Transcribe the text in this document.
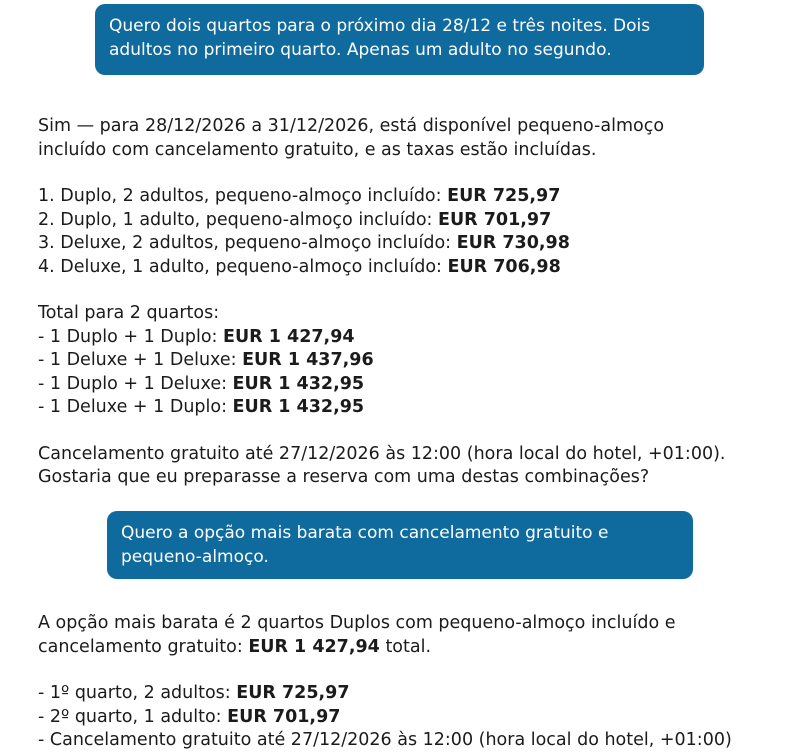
Quero dois quartos para o próximo dia 28/12 e três noites. Dois
adultos no primeiro quarto. Apenas um adulto no segundo.
Sim — para 28/12/2026 a 31/12/2026, está disponível pequeno-almoço
incluído com cancelamento gratuito, e as taxas estão incluídas.
1. Duplo, 2 adultos, pequeno-almoço incluído: EUR 725,97
2. Duplo, 1 adulto, pequeno-almoço incluído: EUR 701,97
3. Deluxe, 2 adultos, pequeno-almoço incluído: EUR 730,98
4. Deluxe, 1 adulto, pequeno-almoço incluído: EUR 706,98
Total para 2 quartos:
- 1 Duplo + 1 Duplo: EUR 1 427,94
- 1 Deluxe + 1 Deluxe: EUR 1 437,96
- 1 Duplo + 1 Deluxe: EUR 1 432,95
- 1 Deluxe + 1 Duplo: EUR 1 432,95
Cancelamento gratuito até 27/12/2026 às 12:00 (hora local do hotel, +01:00).
Gostaria que eu preparasse a reserva com uma destas combinações?
Quero a opção mais barata com cancelamento gratuito e
pequeno-almoço.
A opção mais barata é 2 quartos Duplos com pequeno-almoço incluído e
cancelamento gratuito: EUR 1 427,94 total.
- 1º quarto, 2 adultos: EUR 725,97
- 2º quarto, 1 adulto: EUR 701,97
- Cancelamento gratuito até 27/12/2026 às 12:00 (hora local do hotel, +01:00)
